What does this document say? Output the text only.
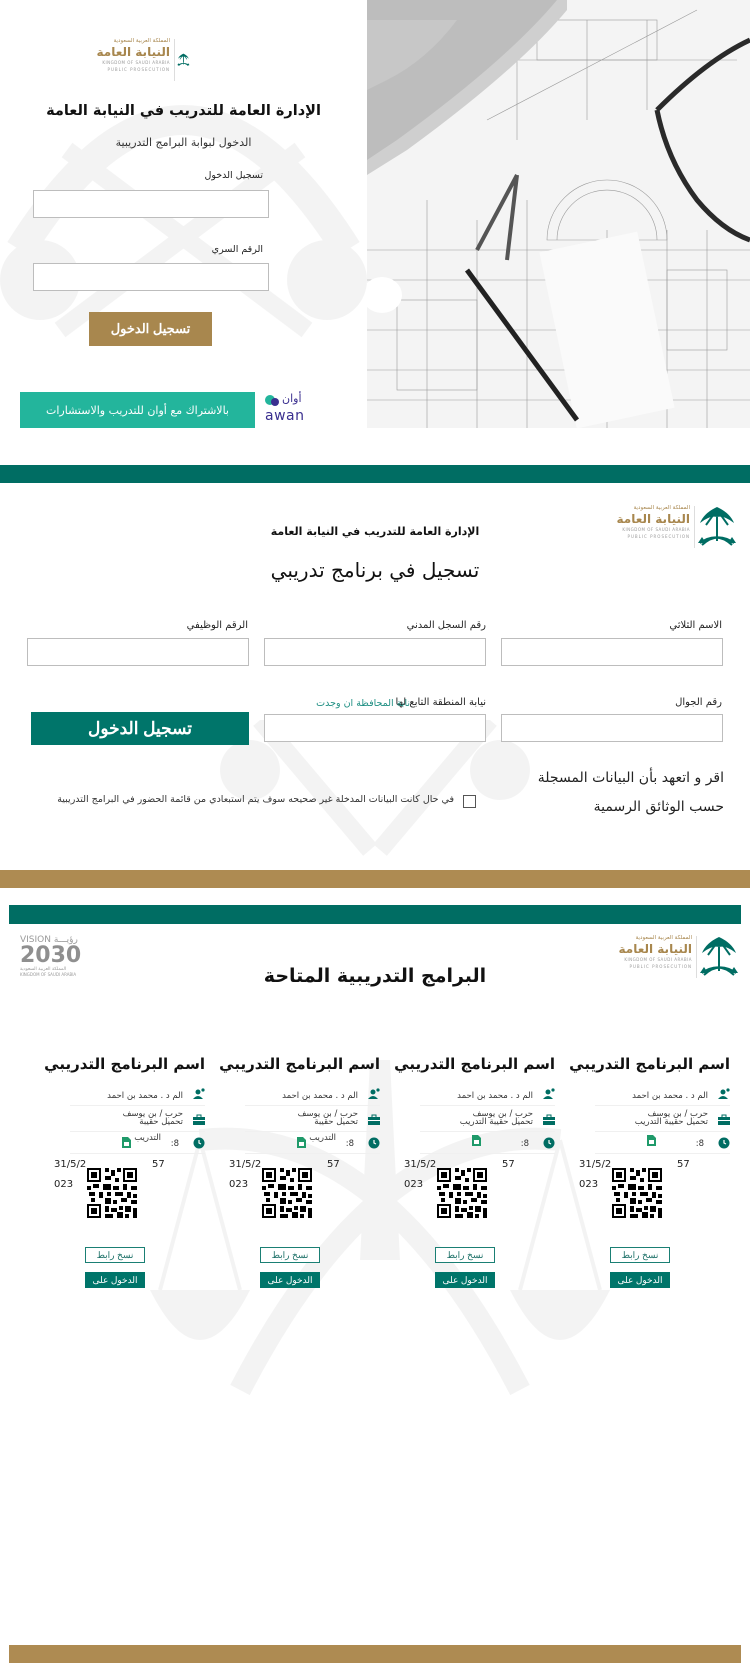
المملكة العربية السعودية
النيابة العامة
KINGDOM OF SAUDI ARABIA
PUBLIC PROSECUTION
الإدارة العامة للتدريب في النيابة العامة
الدخول لبوابة البرامج التدريبية
تسجيل الدخول
الرقم السري
تسجيل الدخول
بالاشتراك مع أوان للتدريب والاستشارات
أوان
awan
المملكة العربية السعودية
النيابة العامة
KINGDOM OF SAUDI ARABIA
PUBLIC PROSECUTION
الإدارة العامة للتدريب في النيابة العامة
تسجيل في برنامج تدريبي
الاسم الثلاثي
رقم السجل المدني
الرقم الوظيفي
رقم الجوال
نيابة المنطقة التابع لها
نابة المحافظة ان وجدت
تسجيل الدخول
اقر و اتعهد بأن البيانات المسجلة
حسب الوثائق الرسمية
في حال كانت البيانات المدخلة غير صحيحه سوف يتم استبعادي من قائمة الحضور في البرامج التدريبية
المملكة العربية السعودية
النيابة العامة
KINGDOM OF SAUDI ARABIA
PUBLIC PROSECUTION
VISION رؤيـــة
2030
المملكة العربية السعودية
KINGDOM OF SAUDI ARABIA	البرامج التدريبية المتاحة
اسم البرنامج التدريبي
الم د . محمد بن احمد
حرب / بن يوسف
تحميل حقيبة التدريب
8:
31/5/2
023
57
نسخ رابط
الدخول على
اسم البرنامج التدريبي
الم د . محمد بن احمد
حرب / بن يوسف
تحميل حقيبة التدريب
8:
31/5/2
023
57
نسخ رابط
الدخول على
اسم البرنامج التدريبي
الم د . محمد بن احمد
حرب / بن يوسف
تحميل حقيبة
8:
التدريب
31/5/2
023
57
نسخ رابط
الدخول على
اسم البرنامج التدريبي
الم د . محمد بن احمد
حرب / بن يوسف
تحميل حقيبة
8:
التدريب
31/5/2
023
57
نسخ رابط
الدخول على
